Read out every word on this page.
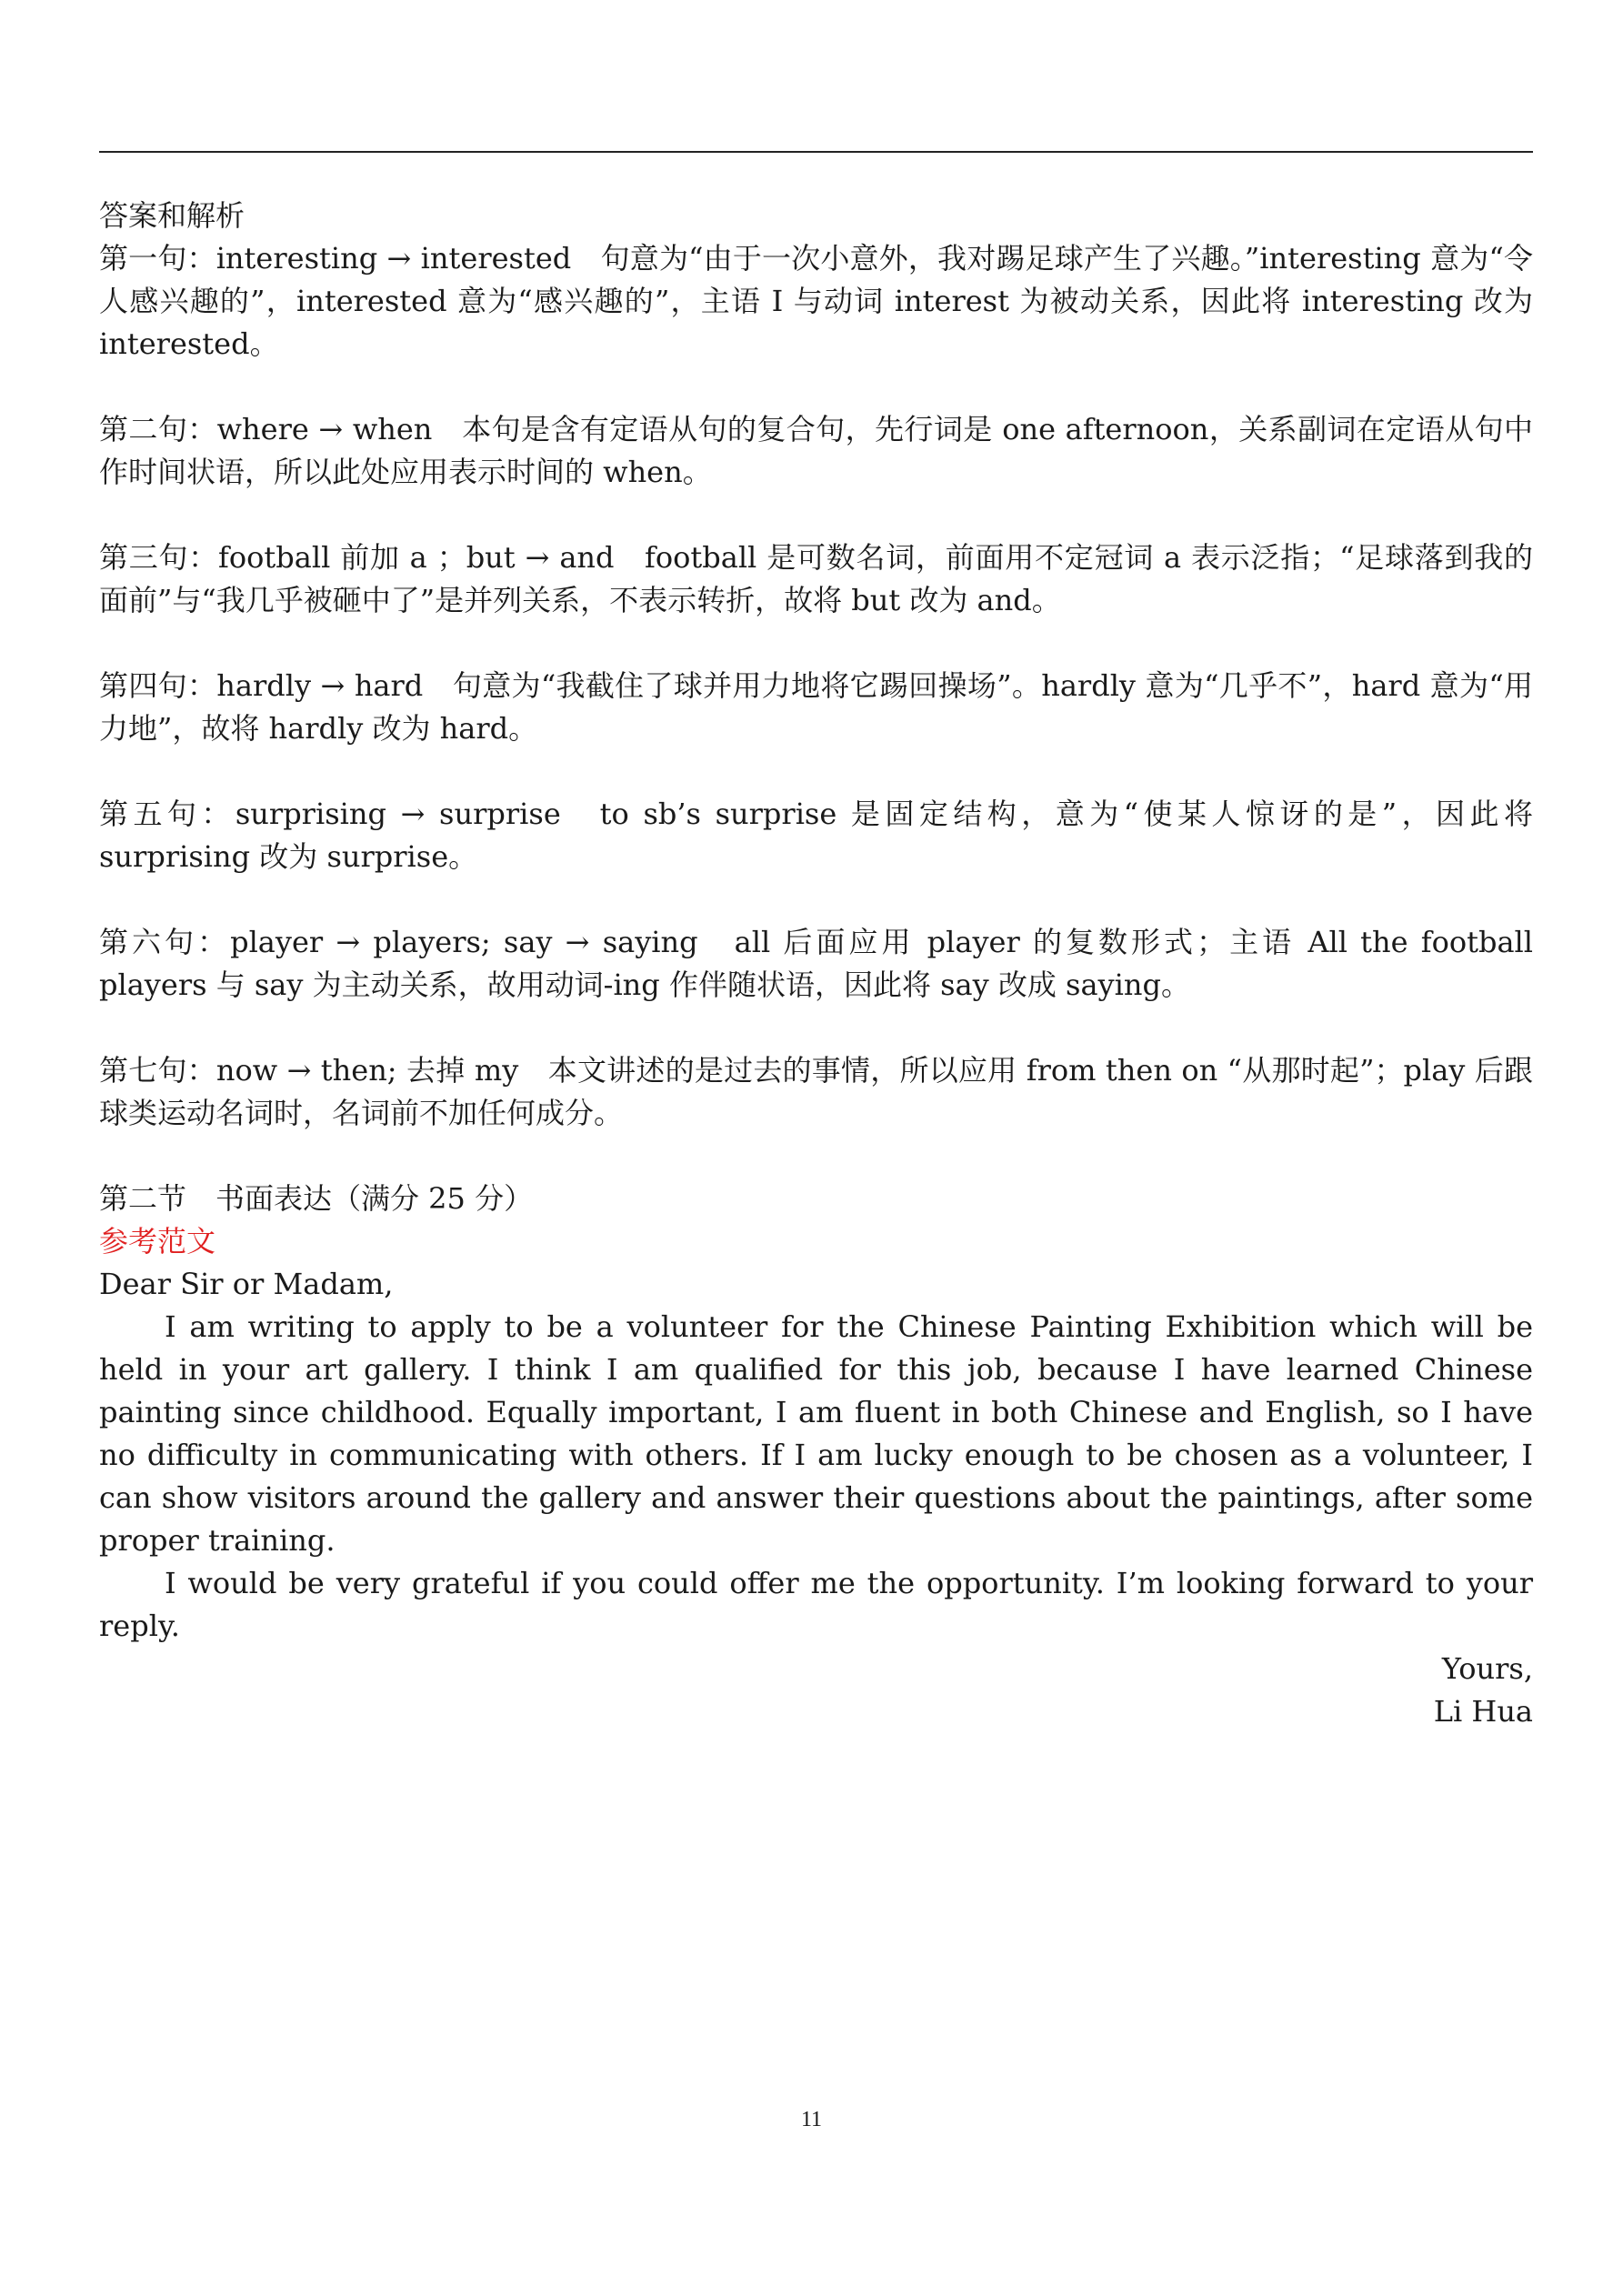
答案和解析

第一句：interesting → interested　句意为“由于一次小意外，我对踢足球产生了兴趣。”interesting 意为“令人感兴趣的”，interested 意为“感兴趣的”，主语 I 与动词 interest 为被动关系，因此将 interesting 改为 interested。

第二句：where → when　本句是含有定语从句的复合句，先行词是 one afternoon，关系副词在定语从句中作时间状语，所以此处应用表示时间的 when。

第三句：football 前加 a ；but → and　football 是可数名词，前面用不定冠词 a 表示泛指；“足球落到我的面前”与“我几乎被砸中了”是并列关系，不表示转折，故将 but 改为 and。

第四句：hardly → hard　句意为“我截住了球并用力地将它踢回操场”。hardly 意为“几乎不”，hard 意为“用力地”，故将 hardly 改为 hard。

第五句：surprising → surprise　to sb’s surprise 是固定结构，意为“使某人惊讶的是”，因此将 surprising 改为 surprise。

第六句：player → players; say → saying　all 后面应用 player 的复数形式；主语 All the football players 与 say 为主动关系，故用动词-ing 作伴随状语，因此将 say 改成 saying。

第七句：now → then; 去掉 my　本文讲述的是过去的事情，所以应用 from then on “从那时起”；play 后跟球类运动名词时，名词前不加任何成分。

第二节　书面表达（满分 25 分）

参考范文

Dear Sir or Madam,

I am writing to apply to be a volunteer for the Chinese Painting Exhibition which will be held in your art gallery. I think I am qualified for this job, because I have learned Chinese painting since childhood. Equally important, I am fluent in both Chinese and English, so I have no difficulty in communicating with others. If I am lucky enough to be chosen as a volunteer, I can show visitors around the gallery and answer their questions about the paintings, after some proper training.

I would be very grateful if you could offer me the opportunity. I’m looking forward to your reply.

Yours,

Li Hua

11
